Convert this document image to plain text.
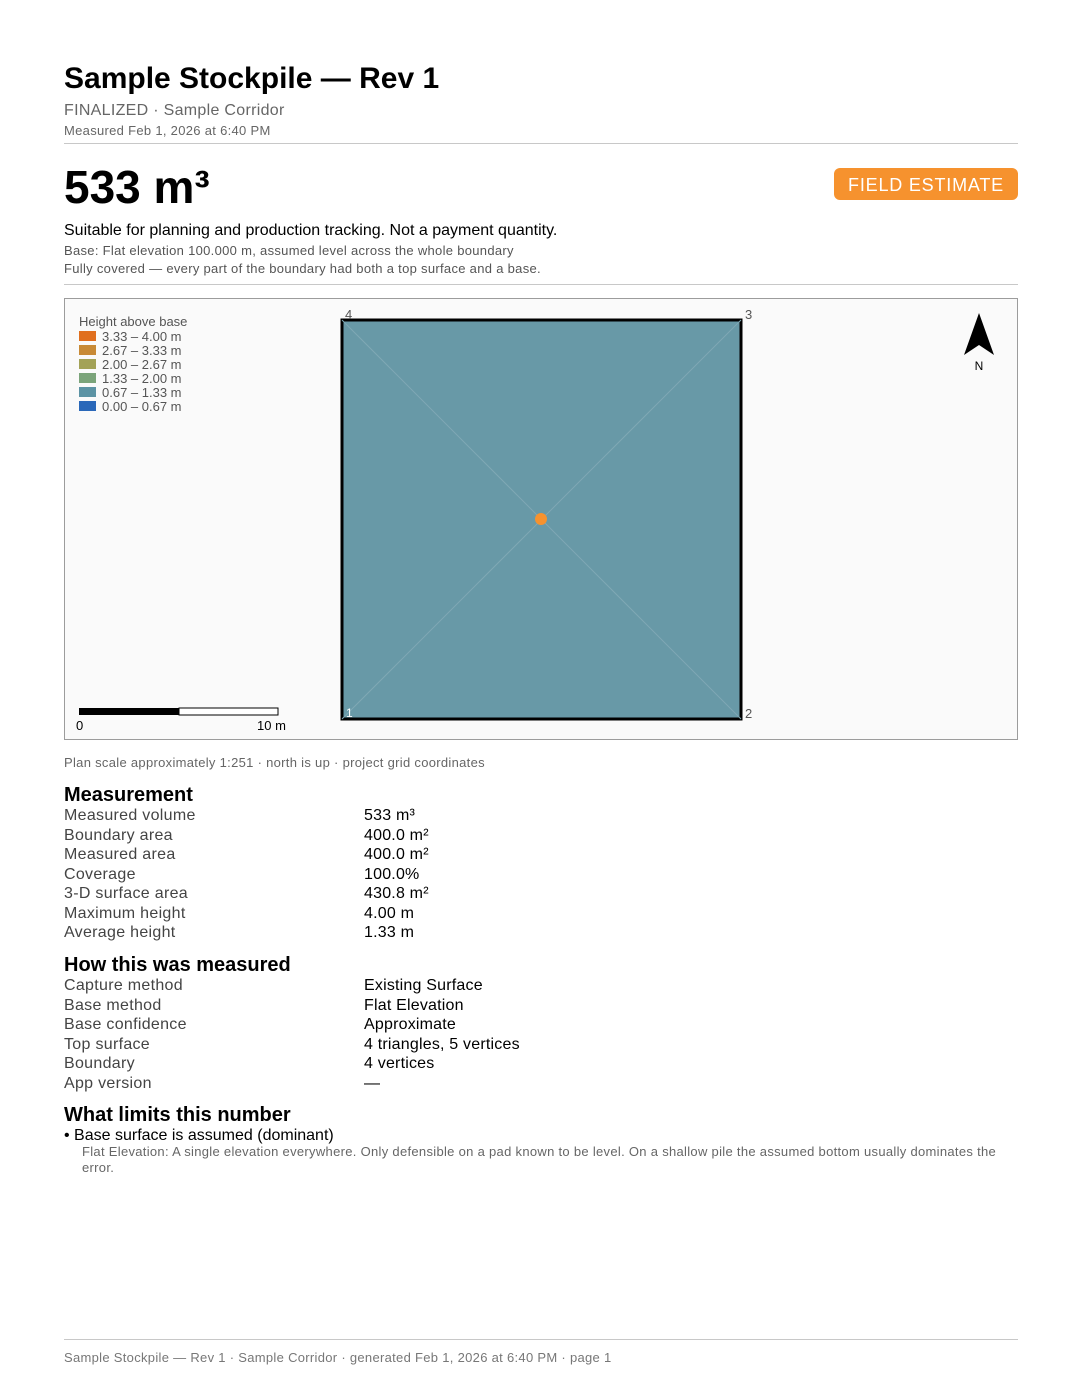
Sample Stockpile — Rev 1
FINALIZED · Sample Corridor
Measured Feb 1, 2026 at 6:40 PM
533 m³	FIELD ESTIMATE
Suitable for planning and production tracking. Not a payment quantity.
Base: Flat elevation 100.000 m, assumed level across the whole boundary
Fully covered — every part of the boundary had both a top surface and a base.
Height above base
3.33 – 4.00 m
2.67 – 3.33 m
2.00 – 2.67 m
1.33 – 2.00 m
0.67 – 1.33 m
0.00 – 0.67 m
1	2
3
4
N
0	10 m
Plan scale approximately 1:251 · north is up · project grid coordinates
Measurement
Measured volume	533 m³
Boundary area	400.0 m²
Measured area	400.0 m²
Coverage	100.0%
3-D surface area	430.8 m²
Maximum height	4.00 m
Average height	1.33 m
How this was measured
Capture method	Existing Surface
Base method	Flat Elevation
Base confidence	Approximate
Top surface	4 triangles, 5 vertices
Boundary	4 vertices
App version	—
What limits this number
• Base surface is assumed (dominant)
Flat Elevation: A single elevation everywhere. Only defensible on a pad known to be level. On a shallow pile the assumed bottom usually dominates the error.
Sample Stockpile — Rev 1 · Sample Corridor · generated Feb 1, 2026 at 6:40 PM · page 1
